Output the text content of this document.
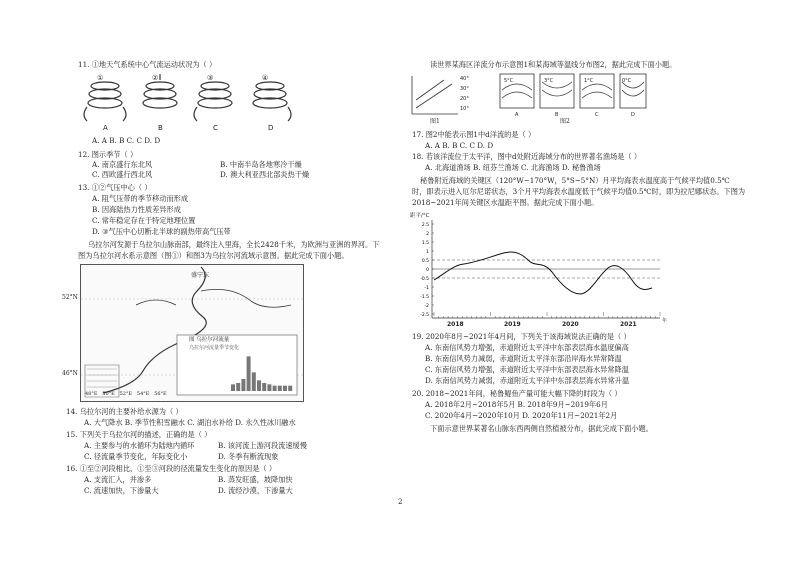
11. ①地天气系统中心气流运动状况为（ ）
①	②	③	④
A	B	C	D
A. A B. B C. C D. D
12. 图示季节（ ）
A. 南京盛行东北风	B. 中南半岛各地寒冷干燥
C. 西欧盛行西北风	D. 澳大利亚西北部炎热干燥
13. ①②气压中心（ ）
A. 阻气压带的季节移动而形成
B. 因海陆热力性质差异形成
C. 常年稳定存在于特定地理位置
D. ③气压中心切断北半球的副热带高气压带
乌拉尔河发源于乌拉尔山脉南部，最终注入里海，全长2428千米，为欧洲与亚洲的界河。下
图为乌拉尔河水系示意图（图①）和图3为乌拉尔河流域示意图。据此完成下面小题。
盛宁东
图 乌拉尔河流量
乌拉尔河流量季节变化
48°E 50°E 52°E 54°E 56°E
52°N
46°N
14. 乌拉尔河的主要补给水源为（ ）
A. 大气降水 B. 季节性积雪融水 C. 湖泊水补给 D. 永久性冰川融水
15. 下列关于乌拉尔河的描述，正确的是（ ）
A. 主要参与的水循环为陆地内循环	B. 该河流上游河段流速缓慢
C. 径流量季节变化，年际变化小	D. 冬季有断流现象
16. ①至②河段相比，①至③河段的径流量发生变化的原因是（ ）
A. 支流汇入，并渗多	B. 蒸发旺盛，坡降加快
C. 流速加快，下渗量大	D. 流经沙漠，下渗量大
读世界某海区洋流分布示意图1和某海域等温线分布图2，据此完成下面小题。
40°
30°
20°
10°
5°C	3°C	1°C	0°C
A	B	C	D
图1	图2
17. 图2中能表示图1中d洋流的是（ ）
A. A B. B C. C D. D
18. 若该洋流位于太平洋，图中d处附近海域分布的世界著名渔场是（ ）
A. 北海道渔场 B. 纽芬兰渔场 C. 北海渔场 D. 秘鲁渔场
秘鲁附近海域的关键区（120°W~170°W，5°S~5°N）月平均海表水温度高于气候平均值0.5℃
时，即表示进入厄尔尼诺状态，3个月平均海表水温度低于气候平均值0.5℃时，即为拉尼娜状态。下图为
2018~2021年间关键区水温距平图。据此完成下面小题。
距平/°C
2.5
2
1.5
1
0.5
0
-0.5
-1
-1.5
-2
-2.5
2018	2019	2020	2021	年
19. 2020年8月~2021年4月间，下列关于该海域说法正确的是（ ）
A. 东南信风势力增强，赤道附近太平洋中东部表层海水温度偏高
B. 东南信风势力减弱，赤道附近太平洋东部沿岸海水异常降温
C. 东南信风势力增强，赤道附近太平洋中东部表层海水异常降温
D. 东南信风势力减弱，赤道附近太平洋中东部表层海水异常升温
20. 2018~2021年间，秘鲁鳀鱼产量可能大幅下降的时段为（ ）
A. 2018年2月~2018年5月 B. 2018年9月~2019年6月
C. 2020年4月~2020年10月 D. 2020年11月~2021年2月
下面示意世界某著名山脉东西两侧自然植被分布，据此完成下面小题。
2
